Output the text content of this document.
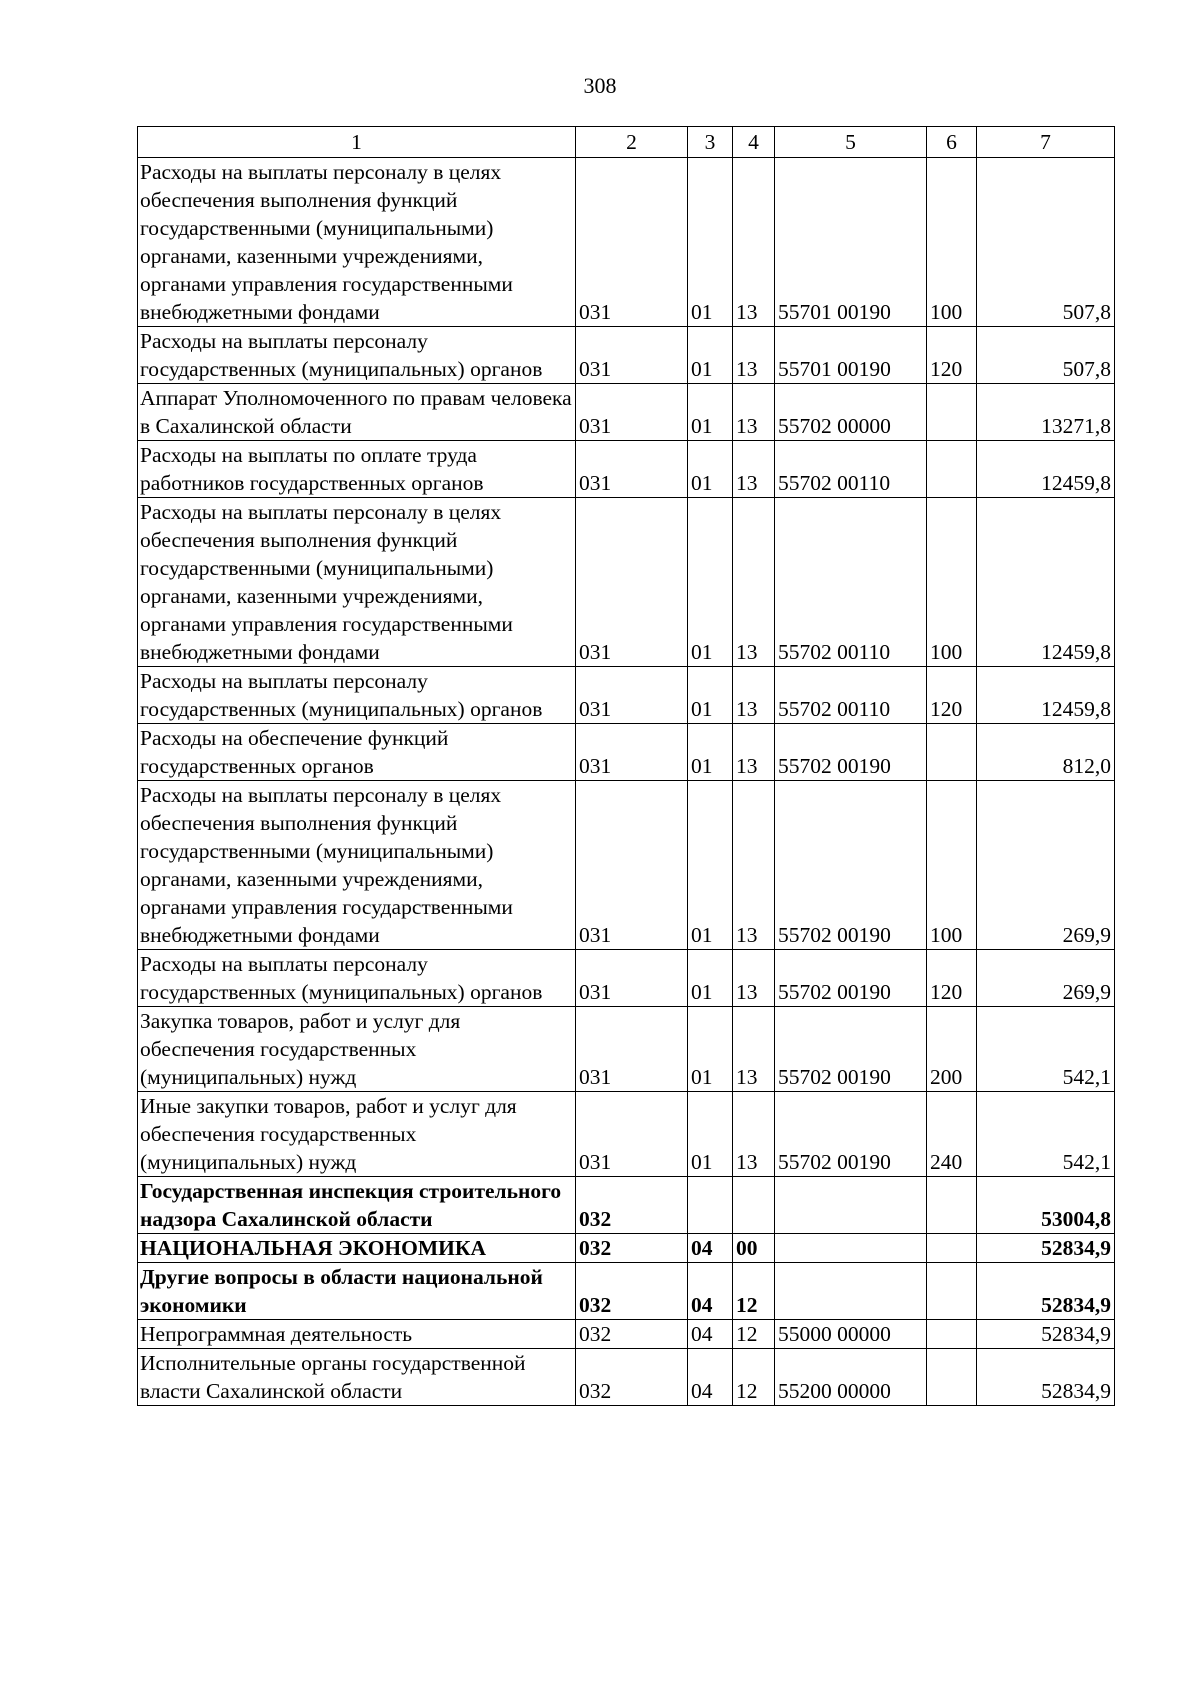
308
1	2	3	4	5	6	7
Расходы на выплаты персоналу в целях обеспечения выполнения функций государственными (муниципальными) органами, казенными учреждениями, органами управления государственными внебюджетными фондами	031	01	13	55701 00190	100	507,8
Расходы на выплаты персоналу государственных (муниципальных) органов	031	01	13	55701 00190	120	507,8
Аппарат Уполномоченного по правам человека в Сахалинской области	031	01	13	55702 00000		13271,8
Расходы на выплаты по оплате труда работников государственных органов	031	01	13	55702 00110		12459,8
Расходы на выплаты персоналу в целях обеспечения выполнения функций государственными (муниципальными) органами, казенными учреждениями, органами управления государственными внебюджетными фондами	031	01	13	55702 00110	100	12459,8
Расходы на выплаты персоналу государственных (муниципальных) органов	031	01	13	55702 00110	120	12459,8
Расходы на обеспечение функций государственных органов	031	01	13	55702 00190		812,0
Расходы на выплаты персоналу в целях обеспечения выполнения функций государственными (муниципальными) органами, казенными учреждениями, органами управления государственными внебюджетными фондами	031	01	13	55702 00190	100	269,9
Расходы на выплаты персоналу государственных (муниципальных) органов	031	01	13	55702 00190	120	269,9
Закупка товаров, работ и услуг для обеспечения государственных (муниципальных) нужд	031	01	13	55702 00190	200	542,1
Иные закупки товаров, работ и услуг для обеспечения государственных (муниципальных) нужд	031	01	13	55702 00190	240	542,1
Государственная инспекция строительного надзора Сахалинской области	032					53004,8
НАЦИОНАЛЬНАЯ ЭКОНОМИКА	032	04	00			52834,9
Другие вопросы в области национальной экономики	032	04	12			52834,9
Непрограммная деятельность	032	04	12	55000 00000		52834,9
Исполнительные органы государственной власти Сахалинской области	032	04	12	55200 00000		52834,9
